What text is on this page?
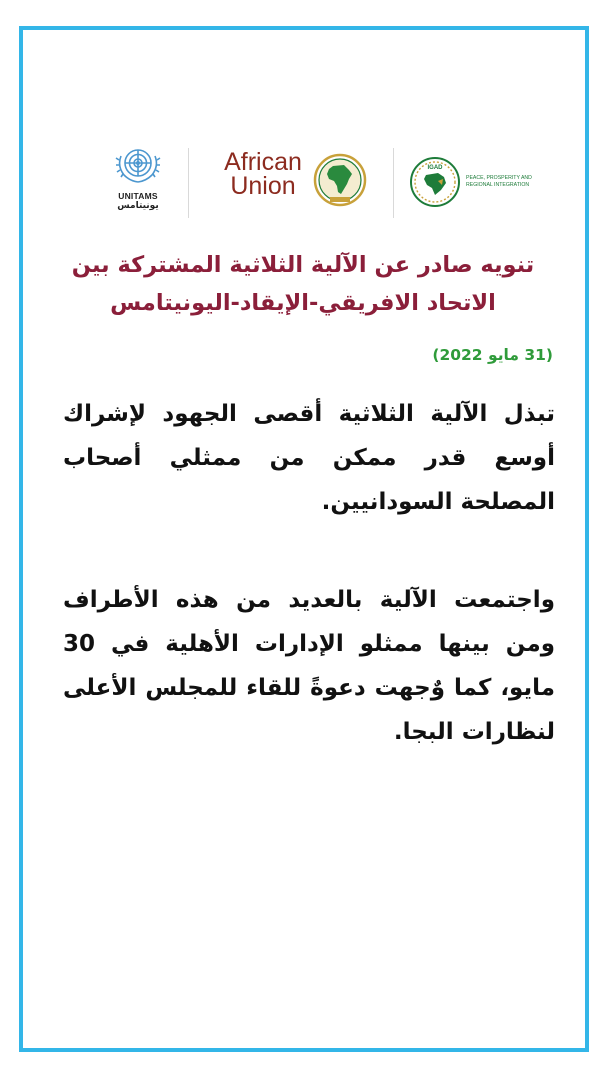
UNITAMS
يونيتامس
African
Union
IGAD
PEACE, PROSPERITY AND
REGIONAL INTEGRATION
تنويه صادر عن الآلية الثلاثية المشتركة بين
الاتحاد الافريقي-الإيقاد-اليونيتامس
(31 مايو 2022)
تبذل الآلية الثلاثية أقصى الجهود لإشراك أوسع قدر ممكن من ممثلي أصحاب المصلحة السودانيين.
واجتمعت الآلية بالعديد من هذه الأطراف ومن بينها ممثلو الإدارات الأهلية في 30 مايو، كما وٌجهت دعوةً للقاء للمجلس الأعلى لنظارات البجا.
